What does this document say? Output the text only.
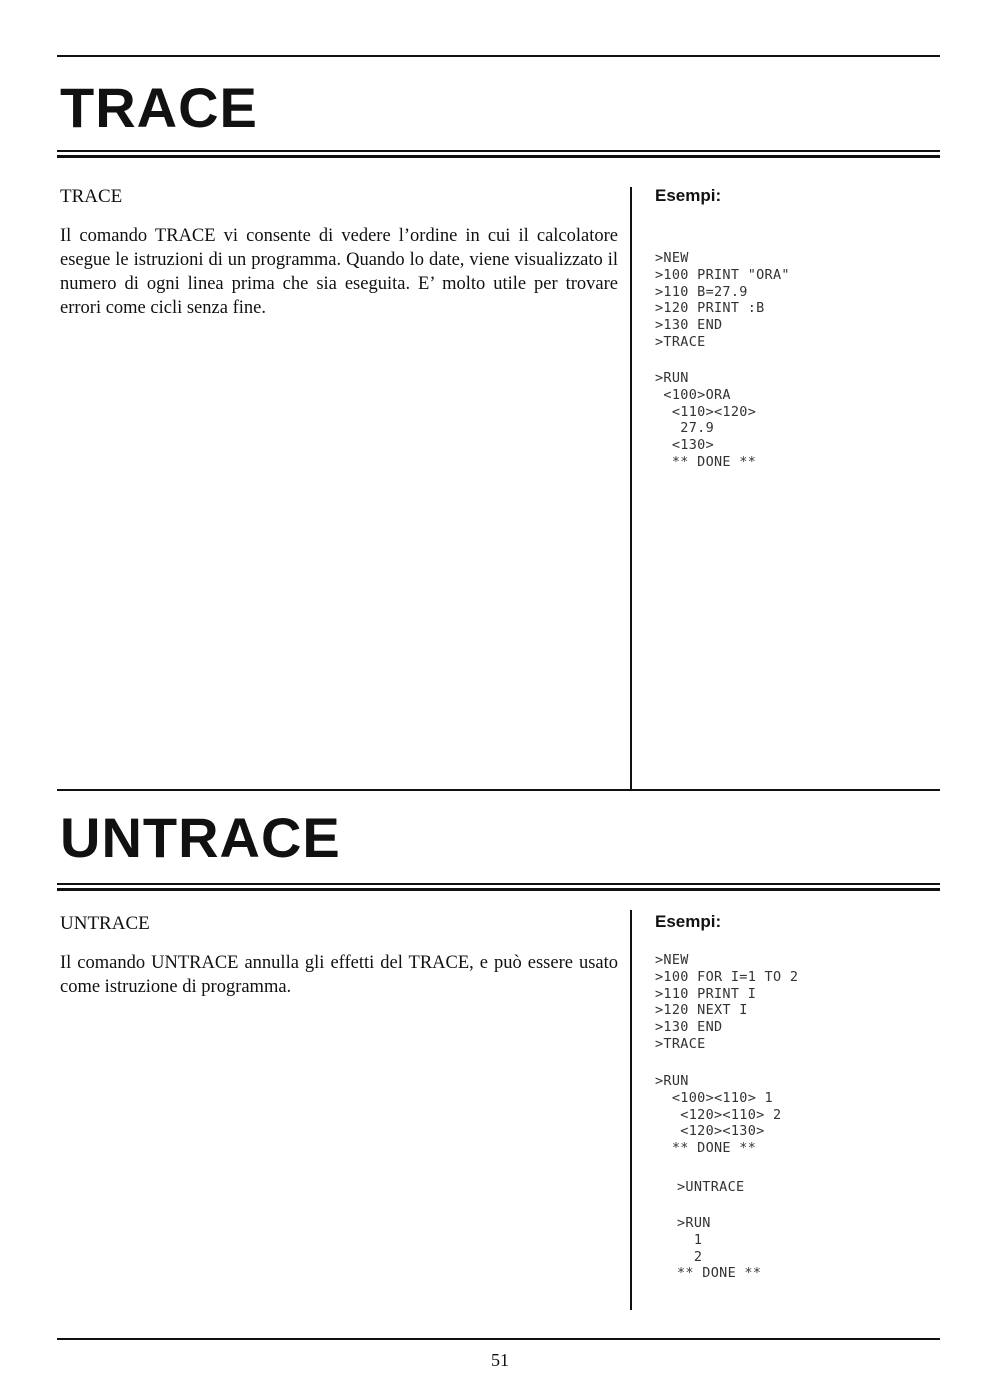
TRACE
TRACE
Il comando TRACE vi consente di vedere l’ordine in cui il calcolatore esegue le istruzioni di un programma. Quando lo date, viene visualizzato il numero di ogni linea prima che sia eseguita. E’ molto utile per trovare errori come cicli senza fine.
Esempi:
>NEW
>100 PRINT "ORA"
>110 B=27.9
>120 PRINT :B
>130 END
>TRACE
>RUN
<100>ORA
<110><120>
27.9
<130>
** DONE **
UNTRACE
UNTRACE
Il comando UNTRACE annulla gli effetti del TRACE, e può essere usato come istruzione di programma.
Esempi:
>NEW
>100 FOR I=1 TO 2
>110 PRINT I
>120 NEXT I
>130 END
>TRACE
>RUN
<100><110> 1
<120><110> 2
<120><130>
** DONE **
>UNTRACE
>RUN
1
2
** DONE **
51
